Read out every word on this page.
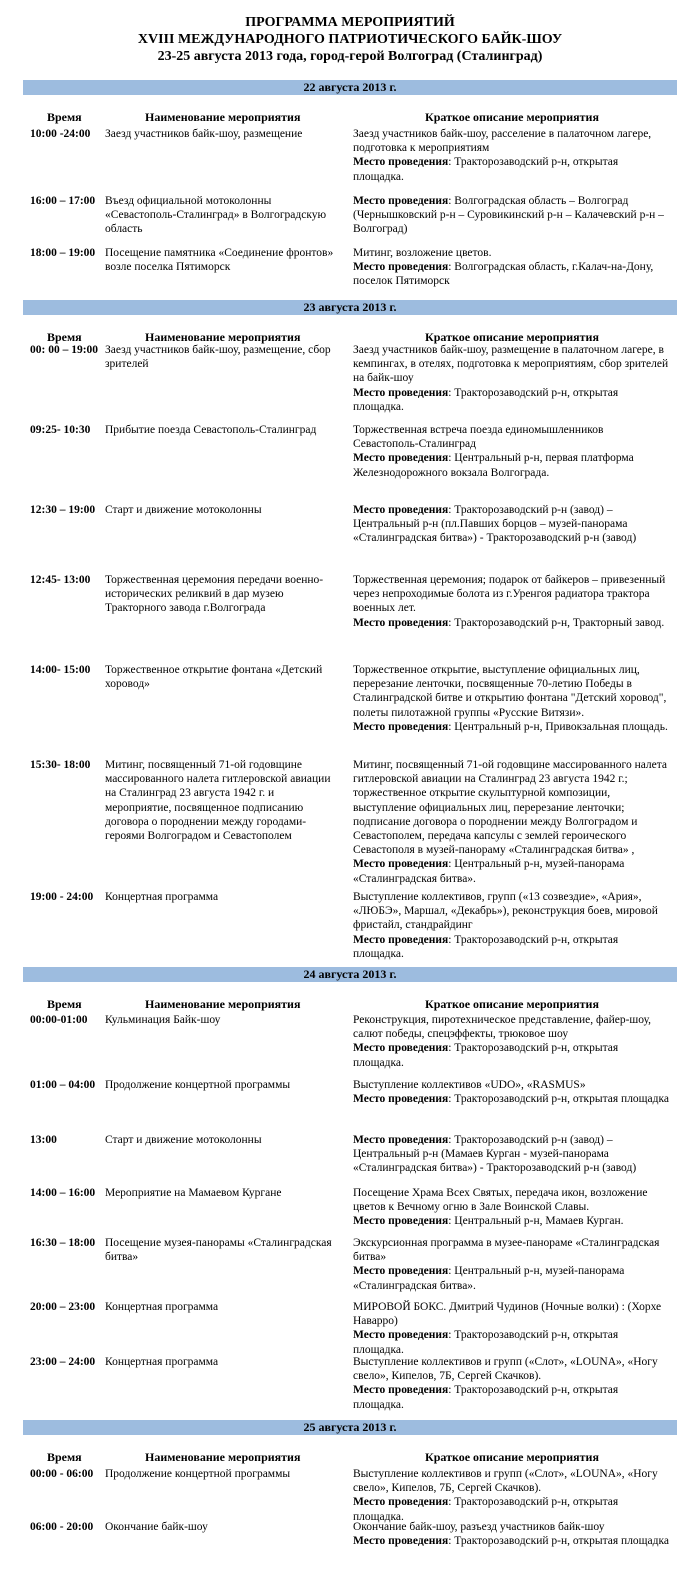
ПРОГРАММА МЕРОПРИЯТИЙ
XVIII МЕЖДУНАРОДНОГО ПАТРИОТИЧЕСКОГО БАЙК-ШОУ
23-25 августа 2013 года, город-герой Волгоград (Сталинград)
22 августа 2013 г.
Время	Наименование мероприятия	Краткое описание мероприятия
10:00 -24:00	Заезд участников байк-шоу, размещение	Заезд участников байк-шоу, расселение в палаточном лагере, подготовка к мероприятиям
Место проведения: Тракторозаводский р-н, открытая площадка.
16:00 – 17:00 Въезд официальной мотоколонны «Севастополь-Сталинград» в Волгоградскую область
Место проведения: Волгоградская область – Волгоград (Чернышковский р-н – Суровикинский р-н – Калачевский р-н – Волгоград)
18:00 – 19:00 Посещение памятника «Соединение фронтов» возле поселка Пятиморск
Митинг, возложение цветов.
Место проведения: Волгоградская область, г.Калач-на-Дону, поселок Пятиморск
23 августа 2013 г.
Время	Наименование мероприятия	Краткое описание мероприятия
00: 00 – 19:00 Заезд участников байк-шоу, размещение, сбор зрителей
Заезд участников байк-шоу, размещение в палаточном лагере, в кемпингах, в отелях, подготовка к мероприятиям, сбор зрителей на байк-шоу
Место проведения: Тракторозаводский р-н, открытая площадка.
09:25- 10:30	Прибытие поезда Севастополь-Сталинград	Торжественная встреча поезда единомышленников Севастополь-Сталинград
Место проведения: Центральный р-н, первая платформа Железнодорожного вокзала Волгограда.
12:30 – 19:00 Старт и движение мотоколонны	Место проведения: Тракторозаводский р-н (завод) – Центральный р-н (пл.Павших борцов – музей-панорама «Сталинградская битва») - Тракторозаводский р-н (завод)
12:45- 13:00	Торжественная церемония передачи военно-исторических реликвий в дар музею Тракторного завода г.Волгограда
Торжественная церемония; подарок от байкеров – привезенный через непроходимые болота из г.Уренгоя радиатора трактора военных лет.
Место проведения: Тракторозаводский р-н, Тракторный завод.
14:00- 15:00	Торжественное открытие фонтана «Детский хоровод»
Торжественное открытие, выступление официальных лиц, перерезание ленточки, посвященные 70-летию Победы в Сталинградской битве и открытию фонтана "Детский хоровод", полеты пилотажной группы «Русские Витязи».
Место проведения: Центральный р-н, Привокзальная площадь.
15:30- 18:00	Митинг, посвященный 71-ой годовщине массированного налета гитлеровской авиации на Сталинград 23 августа 1942 г. и мероприятие, посвященное подписанию договора о породнении между городами-героями Волгоградом и Севастополем
Митинг, посвященный 71-ой годовщине массированного налета гитлеровской авиации на Сталинград 23 августа 1942 г.; торжественное открытие скульптурной композиции, выступление официальных лиц, перерезание ленточки; подписание договора о породнении между Волгоградом и Севастополем, передача капсулы с землей героического Севастополя в музей-панораму «Сталинградская битва» ,
Место проведения: Центральный р-н, музей-панорама «Сталинградская битва».
19:00 - 24:00	Концертная программа	Выступление коллективов, групп («13 созвездие», «Ария», «ЛЮБЭ», Маршал, «Декабрь»), реконструкция боев, мировой фристайл, стандрайдинг
Место проведения: Тракторозаводский р-н, открытая площадка.
24 августа 2013 г.
Время	Наименование мероприятия	Краткое описание мероприятия
00:00-01:00	Кульминация Байк-шоу	Реконструкция, пиротехническое представление, файер-шоу, салют победы, спецэффекты, трюковое шоу
Место проведения: Тракторозаводский р-н, открытая площадка.
01:00 – 04:00 Продолжение концертной программы	Выступление коллективов «UDO», «RASMUS»
Место проведения: Тракторозаводский р-н, открытая площадка
13:00	Старт и движение мотоколонны	Место проведения: Тракторозаводский р-н (завод) – Центральный р-н (Мамаев Курган - музей-панорама «Сталинградская битва») - Тракторозаводский р-н (завод)
14:00 – 16:00 Мероприятие на Мамаевом Кургане	Посещение Храма Всех Святых, передача икон, возложение цветов к Вечному огню в Зале Воинской Славы.
Место проведения: Центральный р-н, Мамаев Курган.
16:30 – 18:00 Посещение музея-панорамы «Сталинградская битва»
Экскурсионная программа в музее-панораме «Сталинградская битва»
Место проведения: Центральный р-н, музей-панорама «Сталинградская битва».
20:00 – 23:00 Концертная программа	МИРОВОЙ БОКС. Дмитрий Чудинов (Ночные волки) : (Хорхе Наварро)
Место проведения: Тракторозаводский р-н, открытая площадка.
23:00 – 24:00 Концертная программа	Выступление коллективов и групп («Слот», «LOUNA», «Ногу свело», Кипелов, 7Б, Сергей Скачков).
Место проведения: Тракторозаводский р-н, открытая площадка.
25 августа 2013 г.
Время	Наименование мероприятия	Краткое описание мероприятия
00:00 - 06:00	Продолжение концертной программы	Выступление коллективов и групп («Слот», «LOUNA», «Ногу свело», Кипелов, 7Б, Сергей Скачков).
Место проведения: Тракторозаводский р-н, открытая площадка.
06:00 - 20:00	Окончание байк-шоу	Окончание байк-шоу, разъезд участников байк-шоу
Место проведения: Тракторозаводский р-н, открытая площадка
